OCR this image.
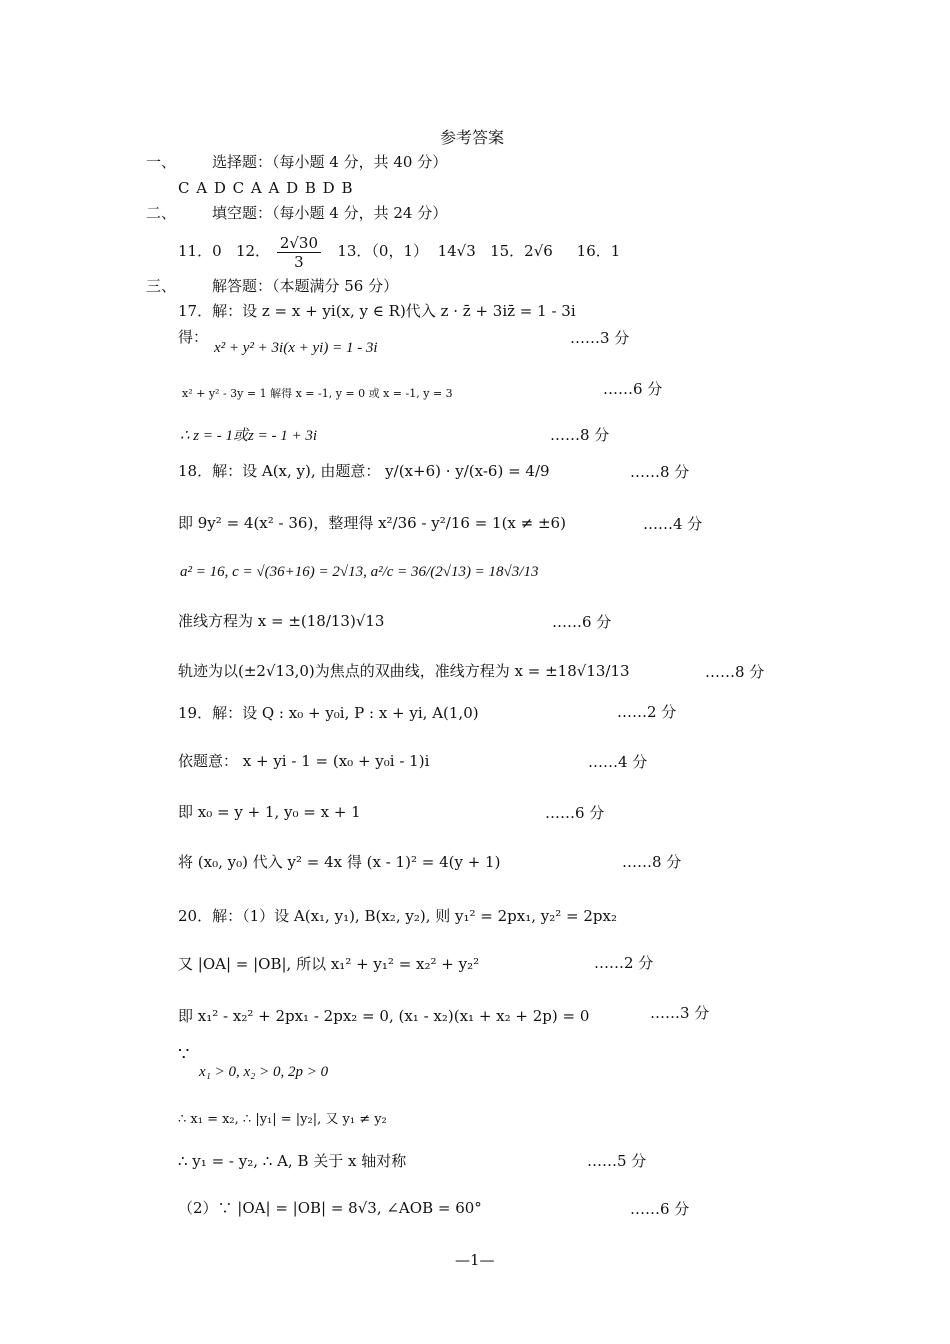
参考答案
一、 选择题：（每小题 4 分，共 40 分）
C A D C A A D B D B
二、 填空题：（每小题 4 分，共 24 分）
11．0 12． $\frac{2√30}{3} 13$．（0，1） 14√3 15．2√6 16．1
三、 解答题：（本题满分 56 分）
17．解：设 z = x + yi(x, y ∈ R)代入 z · z̄ + 3iz̄ = 1 - 3i
得：
x² + y² + 3i(x + yi) = 1 - 3i
……3 分
x² + y² - 3y = 1 解得 x = -1, y = 0 或 x = -1, y = 3	……6 分
∴ z = - 1或z = - 1 + 3i	……8 分
18．解：设 A(x, y), 由题意： y/(x+6) · y/(x-6) = 4/9	……8 分
即 9y² = 4(x² - 36)，整理得 x²/36 - y²/16 = 1(x ≠ ±6)	……4 分
a² = 16, c = √(36+16) = 2√13, a²/c = 36/(2√13) = 18√3/13
准线方程为 x = ±(18/13)√13	……6 分
轨迹为以(±2√13,0)为焦点的双曲线，准线方程为 x = ±18√13/13	……8 分
19．解：设 Q : x₀ + y₀i, P : x + yi, A(1,0)	……2 分
依题意： x + yi - 1 = (x₀ + y₀i - 1)i	……4 分
即 x₀ = y + 1, y₀ = x + 1	……6 分
将 (x₀, y₀) 代入 y² = 4x 得 (x - 1)² = 4(y + 1)	……8 分
20．解：（1）设 A(x₁, y₁), B(x₂, y₂), 则 y₁² = 2px₁, y₂² = 2px₂
又 |OA| = |OB|, 所以 x₁² + y₁² = x₂² + y₂²	……2 分
即 x₁² - x₂² + 2px₁ - 2px₂ = 0, (x₁ - x₂)(x₁ + x₂ + 2p) = 0	……3 分
∵
x₁ > 0, x₂ > 0, 2p > 0
∴ x₁ = x₂, ∴ |y₁| = |y₂|, 又 y₁ ≠ y₂
∴ y₁ = - y₂, ∴ A, B 关于 x 轴对称	……5 分
（2）∵ |OA| = |OB| = 8√3, ∠AOB = 60°	……6 分
—1—
